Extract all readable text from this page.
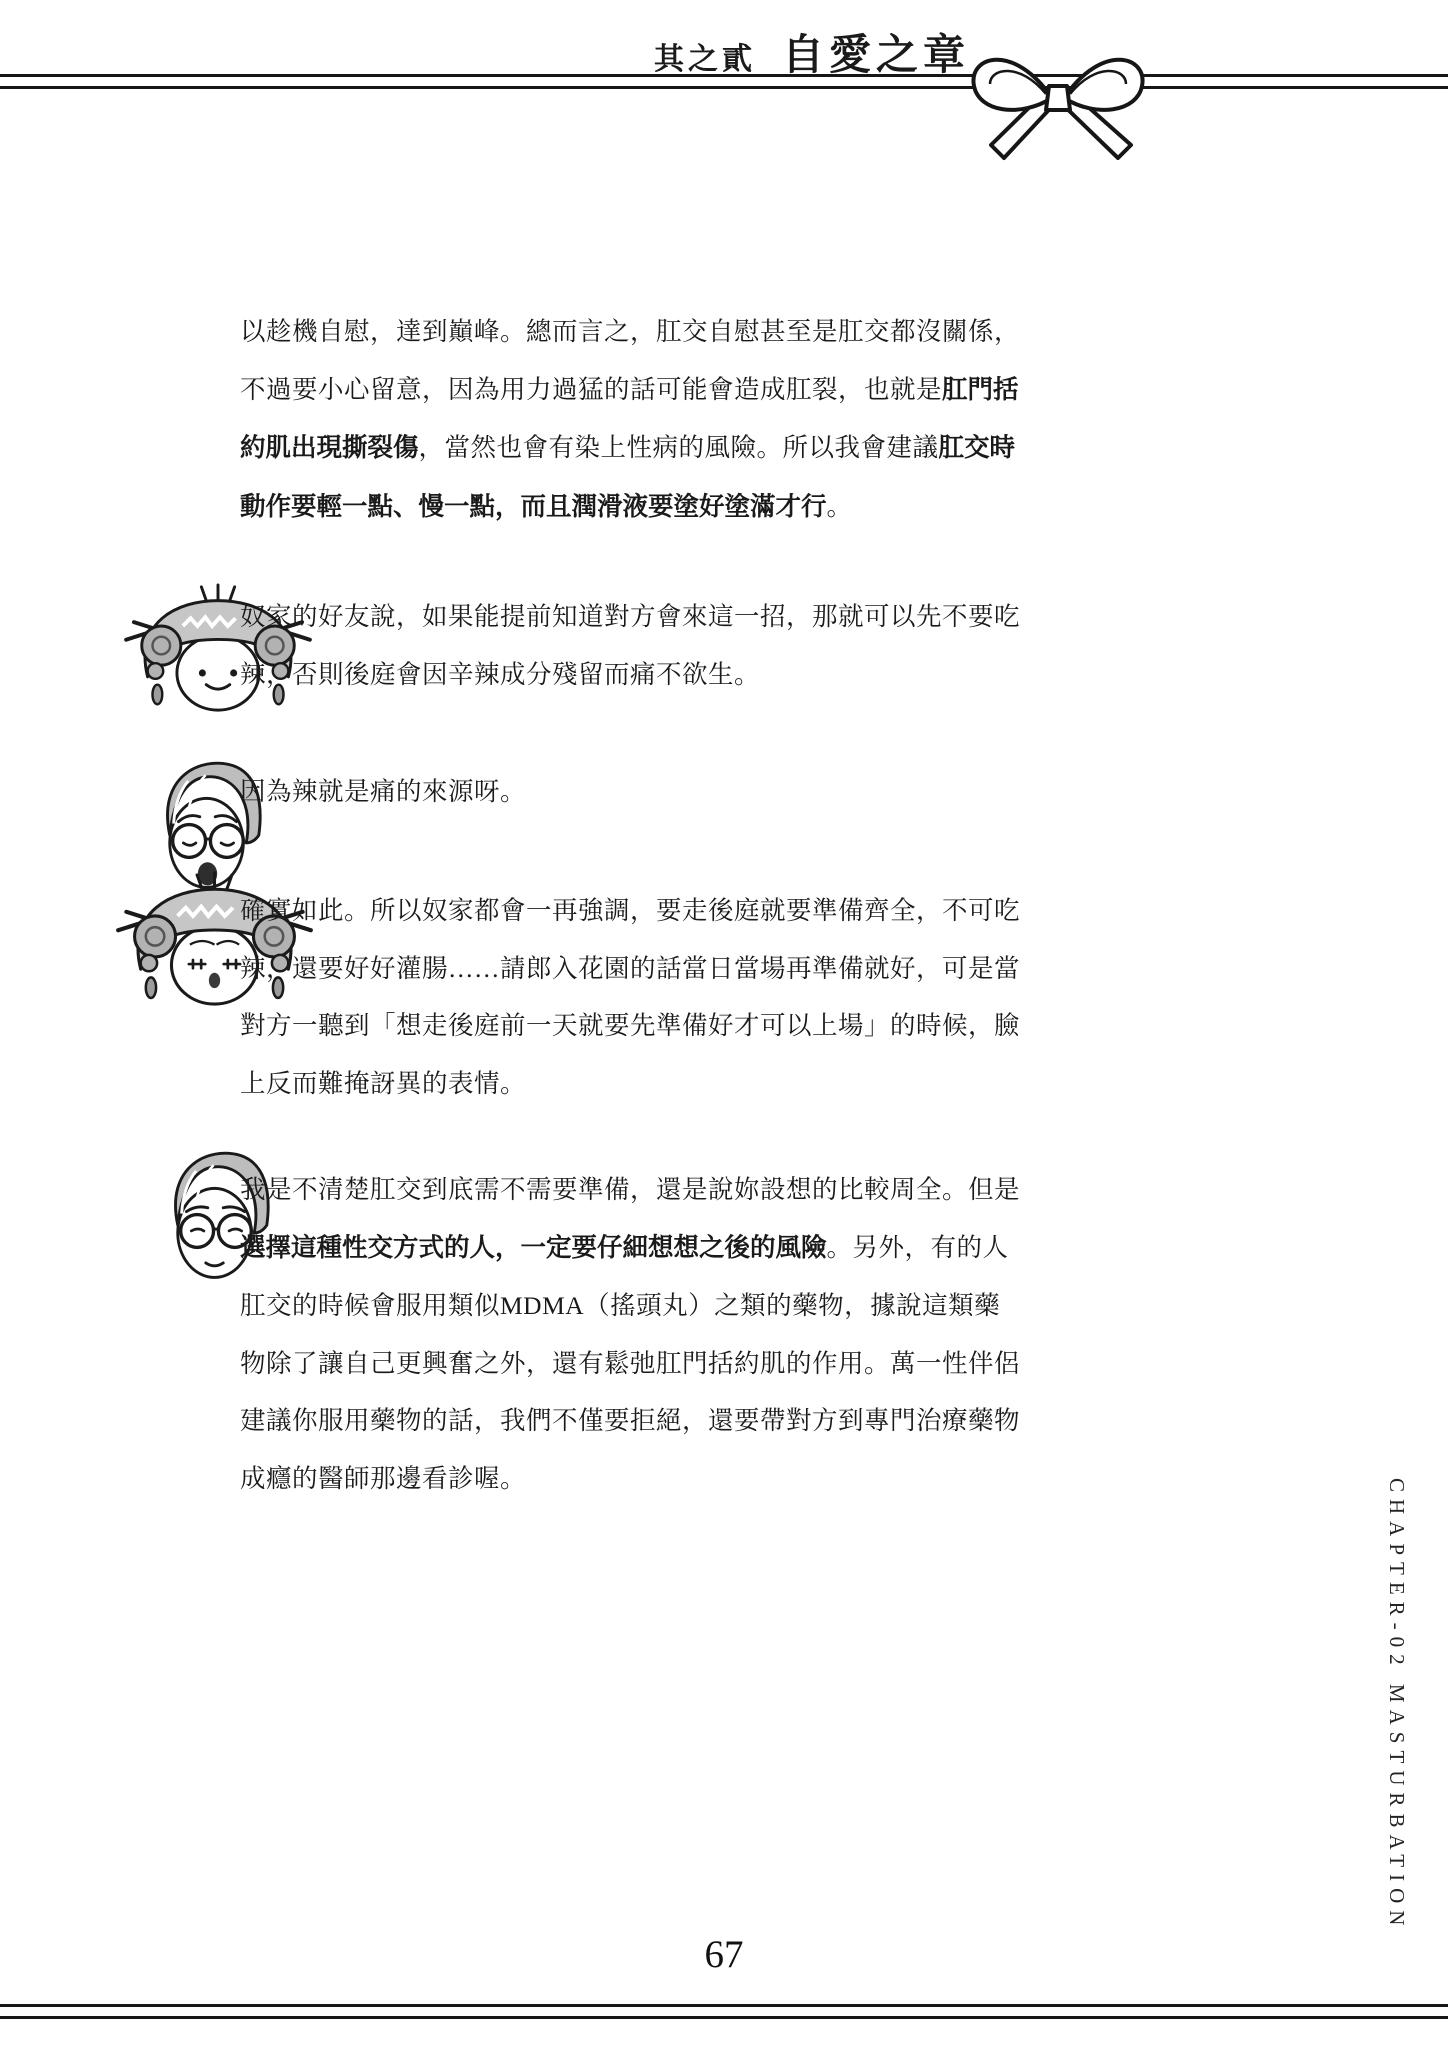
其之貳 自愛之章
以趁機自慰，達到巔峰。總而言之，肛交自慰甚至是肛交都沒關係，
不過要小心留意，因為用力過猛的話可能會造成肛裂，也就是肛門括
約肌出現撕裂傷，當然也會有染上性病的風險。所以我會建議肛交時
動作要輕一點、慢一點，而且潤滑液要塗好塗滿才行。
奴家的好友說，如果能提前知道對方會來這一招，那就可以先不要吃
辣，否則後庭會因辛辣成分殘留而痛不欲生。
因為辣就是痛的來源呀。
確實如此。所以奴家都會一再強調，要走後庭就要準備齊全，不可吃
辣，還要好好灌腸……請郎入花園的話當日當場再準備就好，可是當
對方一聽到「想走後庭前一天就要先準備好才可以上場」的時候，臉
上反而難掩訝異的表情。
我是不清楚肛交到底需不需要準備，還是說妳設想的比較周全。但是
選擇這種性交方式的人，一定要仔細想想之後的風險。另外，有的人
肛交的時候會服用類似MDMA（搖頭丸）之類的藥物，據說這類藥
物除了讓自己更興奮之外，還有鬆弛肛門括約肌的作用。萬一性伴侶
建議你服用藥物的話，我們不僅要拒絕，還要帶對方到專門治療藥物
成癮的醫師那邊看診喔。	CHAPTER-02 MASTURBATION
67
